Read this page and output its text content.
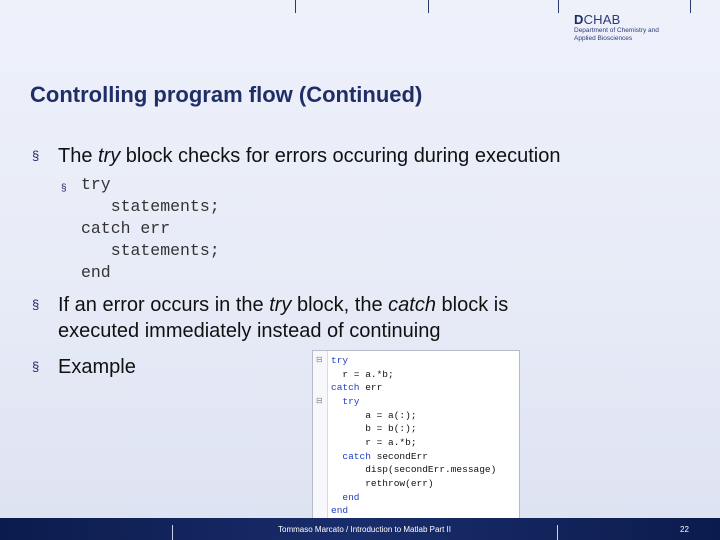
DCHAB
Department of Chemistry and
Applied Biosciences
Controlling program flow (Continued)
§ The try block checks for errors occuring during execution
§ try
statements;
catch err
statements;
end
§ If an error occurs in the try block, the catch block is
executed immediately instead of continuing
§ Example	⊟
⊟
try
r = a.*b;
catch err
try
a = a(:);
b = b(:);
r = a.*b;
catch secondErr
disp(secondErr.message)
rethrow(err)
end
end
Tommaso Marcato / Introduction to Matlab Part II	22
